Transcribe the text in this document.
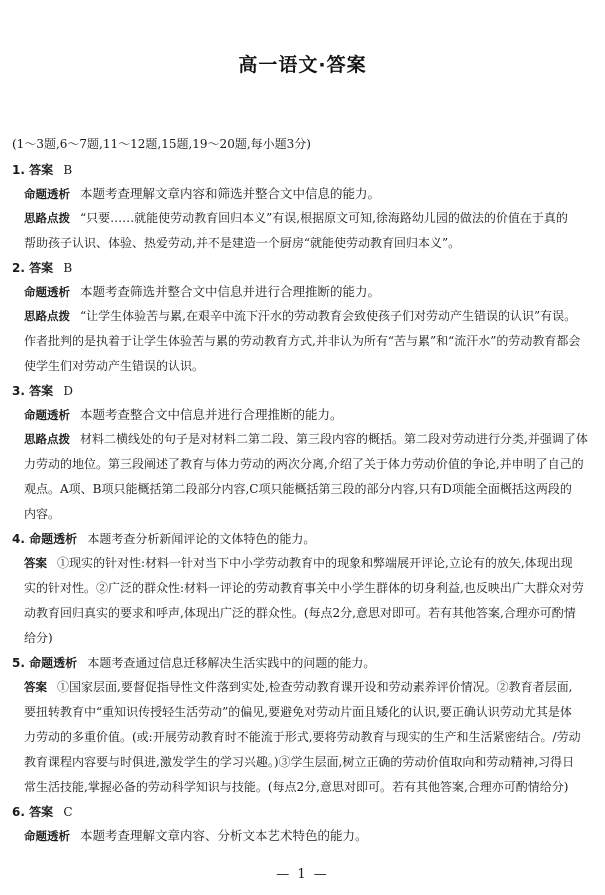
高一语文·答案
(1～3题,6～7题,11～12题,15题,19～20题,每小题3分)
1. 答案 B
命题透析 本题考查理解文章内容和筛选并整合文中信息的能力。
思路点拨 “只要……就能使劳动教育回归本义”有误,根据原文可知,徐海路幼儿园的做法的价值在于真的
帮助孩子认识、体验、热爱劳动,并不是建造一个厨房“就能使劳动教育回归本义”。
2. 答案 B
命题透析 本题考查筛选并整合文中信息并进行合理推断的能力。
思路点拨 “让学生体验苦与累,在艰辛中流下汗水的劳动教育会致使孩子们对劳动产生错误的认识”有误。
作者批判的是执着于让学生体验苦与累的劳动教育方式,并非认为所有“苦与累”和“流汗水”的劳动教育都会
使学生们对劳动产生错误的认识。
3. 答案 D
命题透析 本题考查整合文中信息并进行合理推断的能力。
思路点拨 材料二横线处的句子是对材料二第二段、第三段内容的概括。第二段对劳动进行分类,并强调了体
力劳动的地位。第三段阐述了教育与体力劳动的两次分离,介绍了关于体力劳动价值的争论,并申明了自己的
观点。A项、B项只能概括第二段部分内容,C项只能概括第三段的部分内容,只有D项能全面概括这两段的
内容。
4. 命题透析 本题考查分析新闻评论的文体特色的能力。
答案 ①现实的针对性:材料一针对当下中小学劳动教育中的现象和弊端展开评论,立论有的放矢,体现出现
实的针对性。②广泛的群众性:材料一评论的劳动教育事关中小学生群体的切身利益,也反映出广大群众对劳
动教育回归真实的要求和呼声,体现出广泛的群众性。(每点2分,意思对即可。若有其他答案,合理亦可酌情
给分)
5. 命题透析 本题考查通过信息迁移解决生活实践中的问题的能力。
答案 ①国家层面,要督促指导性文件落到实处,检查劳动教育课开设和劳动素养评价情况。②教育者层面,
要扭转教育中“重知识传授轻生活劳动”的偏见,要避免对劳动片面且矮化的认识,要正确认识劳动尤其是体
力劳动的多重价值。(或:开展劳动教育时不能流于形式,要将劳动教育与现实的生产和生活紧密结合。/劳动
教育课程内容要与时俱进,激发学生的学习兴趣。)③学生层面,树立正确的劳动价值取向和劳动精神,习得日
常生活技能,掌握必备的劳动科学知识与技能。(每点2分,意思对即可。若有其他答案,合理亦可酌情给分)
6. 答案 C
命题透析 本题考查理解文章内容、分析文本艺术特色的能力。
— 1 —
